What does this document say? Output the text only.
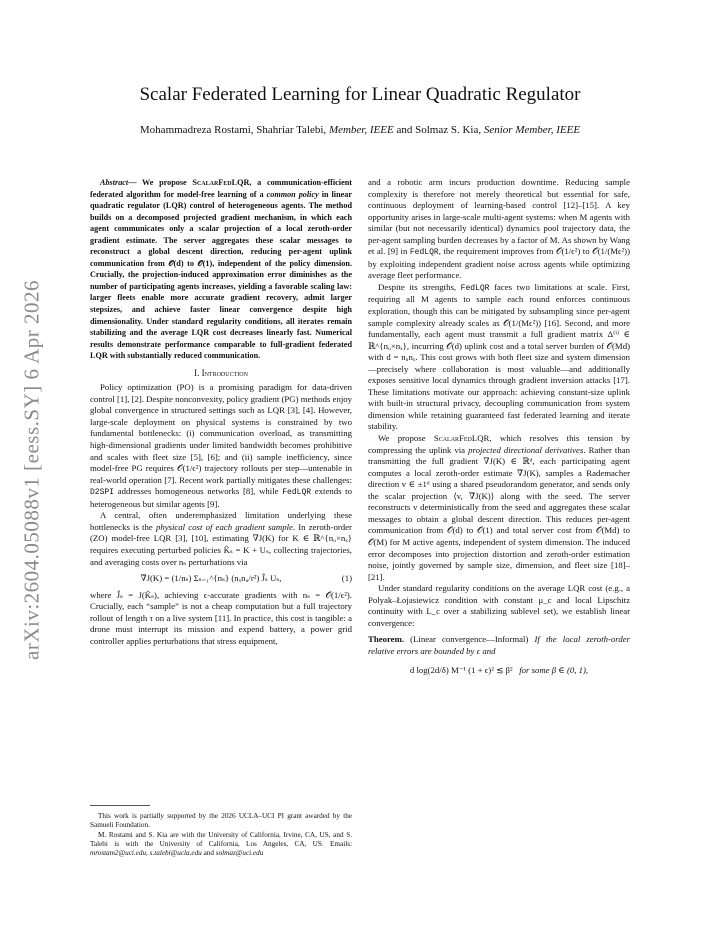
arXiv:2604.05088v1 [eess.SY] 6 Apr 2026
Scalar Federated Learning for Linear Quadratic Regulator
Mohammadreza Rostami, Shahriar Talebi, Member, IEEE and Solmaz S. Kia, Senior Member, IEEE

Abstract— We propose ScalarFedLQR, a communication-efficient federated algorithm for model-free learning of a common policy in linear quadratic regulator (LQR) control of heterogeneous agents. The method builds on a decomposed projected gradient mechanism, in which each agent communicates only a scalar projection of a local zeroth-order gradient estimate. The server aggregates these scalar messages to reconstruct a global descent direction, reducing per-agent uplink communication from 𝒪(d) to 𝒪(1), independent of the policy dimension. Crucially, the projection-induced approximation error diminishes as the number of participating agents increases, yielding a favorable scaling law: larger fleets enable more accurate gradient recovery, admit larger stepsizes, and achieve faster linear convergence despite high dimensionality. Under standard regularity conditions, all iterates remain stabilizing and the average LQR cost decreases linearly fast. Numerical results demonstrate performance comparable to full-gradient federated LQR with substantially reduced communication.

I. Introduction

Policy optimization (PO) is a promising paradigm for data-driven control [1], [2]. Despite nonconvexity, policy gradient (PG) methods enjoy global convergence in structured settings such as LQR [3], [4]. However, large-scale deployment on physical systems is constrained by two fundamental bottlenecks: (i) communication overload, as transmitting high-dimensional gradients under limited bandwidth becomes prohibitive and scales with fleet size [5], [6]; and (ii) sample inefficiency, since model-free PG requires 𝒪(1/ϵ²) trajectory rollouts per step—untenable in real-world operation [7]. Recent work partially mitigates these challenges: D2SPI addresses homogeneous networks [8], while FedLQR extends to heterogeneous but similar agents [9].

A central, often underemphasized limitation underlying these bottlenecks is the physical cost of each gradient sample. In zeroth-order (ZO) model-free LQR [3], [10], estimating ∇J(K) for K ∈ ℝ^{nᵤ×nₓ} requires executing perturbed policies K̂ₛ = K + Uₛ, collecting trajectories, and averaging costs over nₛ perturbations via

∇̂J(K) = (1/nₛ) Σₛ₌₁^{nₛ} (nₓnᵤ/r²) Ĵₛ Uₛ,	(1)

where Ĵₛ = J(K̂ₛ), achieving ϵ-accurate gradients with nₛ = 𝒪(1/ϵ²). Crucially, each “sample” is not a cheap computation but a full trajectory rollout of length τ on a live system [11]. In practice, this cost is tangible: a drone must interrupt its mission and expend battery, a power grid controller applies perturbations that stress equipment,

This work is partially supported by the 2026 UCLA–UCI PI grant awarded by the Samueli Foundation.

M. Rostami and S. Kia are with the University of California, Irvine, CA, US, and S. Talebi is with the University of California, Los Angeles, CA, US. Emails: mrostam2@uci.edu, s.talebi@ucla.edu and solmaz@uci.edu

and a robotic arm incurs production downtime. Reducing sample complexity is therefore not merely theoretical but essential for safe, continuous deployment of learning-based control [12]–[15]. A key opportunity arises in large-scale multi-agent systems: when M agents with similar (but not necessarily identical) dynamics pool trajectory data, the per-agent sampling burden decreases by a factor of M. As shown by Wang et al. [9] in FedLQR, the requirement improves from 𝒪(1/ϵ²) to 𝒪(1/(Mϵ²)) by exploiting independent gradient noise across agents while optimizing average fleet performance.

Despite its strengths, FedLQR faces two limitations at scale. First, requiring all M agents to sample each round enforces continuous exploration, though this can be mitigated by subsampling since per-agent sample complexity already scales as 𝒪(1/(Mϵ²)) [16]. Second, and more fundamentally, each agent must transmit a full gradient matrix Δ⁽ⁱ⁾ ∈ ℝ^{nᵤ×nₓ}, incurring 𝒪(d) uplink cost and a total server burden of 𝒪(Md) with d = nᵤnₓ. This cost grows with both fleet size and system dimension—precisely where collaboration is most valuable—and additionally exposes sensitive local dynamics through gradient inversion attacks [17]. These limitations motivate our approach: achieving constant-size uplink with built-in structural privacy, decoupling communication from system dimension while retaining guaranteed fast federated learning and iterate stability.

We propose ScalarFedLQR, which resolves this tension by compressing the uplink via projected directional derivatives. Rather than transmitting the full gradient ∇J(K) ∈ ℝᵈ, each participating agent computes a local zeroth-order estimate ∇̂J(K), samples a Rademacher direction v ∈ ±1ᵈ using a shared pseudorandom generator, and sends only the scalar projection ⟨v, ∇̂J(K)⟩ along with the seed. The server reconstructs v deterministically from the seed and aggregates these scalar messages to obtain a global descent direction. This reduces per-agent communication from 𝒪(d) to 𝒪(1) and total server cost from 𝒪(Md) to 𝒪(M) for M active agents, independent of system dimension. The induced error decomposes into projection distortion and zeroth-order estimation noise, jointly governed by sample size, dimension, and fleet size [18]–[21].

Under standard regularity conditions on the average LQR cost (e.g., a Polyak–Łojasiewicz condition with constant μ_c and local Lipschitz continuity with L_c over a stabilizing sublevel set), we establish linear convergence:

Theorem. (Linear convergence—Informal) If the local zeroth-order relative errors are bounded by ϵ and

d log(2d/δ) M⁻¹ (1 + ϵ)² ≲ β² for some β ∈ (0, 1),
